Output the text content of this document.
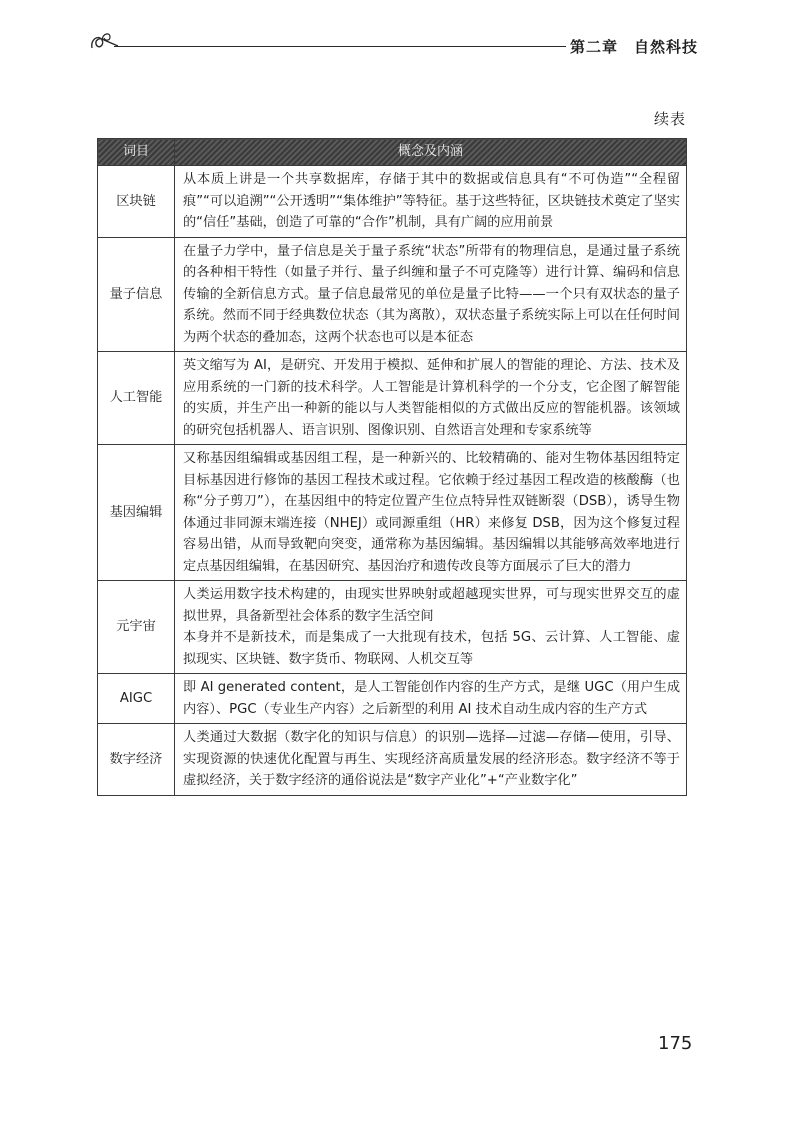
第二章　自然科技
续表
词目	概念及内涵
区块链	从本质上讲是一个共享数据库，存储于其中的数据或信息具有“不可伪造”“全程留痕”“可以追溯”“公开透明”“集体维护”等特征。基于这些特征，区块链技术奠定了坚实的“信任”基础，创造了可靠的“合作”机制，具有广阔的应用前景

量子信息	在量子力学中，量子信息是关于量子系统“状态”所带有的物理信息，是通过量子系统的各种相干特性（如量子并行、量子纠缠和量子不可克隆等）进行计算、编码和信息传输的全新信息方式。量子信息最常见的单位是量子比特——一个只有双状态的量子系统。然而不同于经典数位状态（其为离散），双状态量子系统实际上可以在任何时间为两个状态的叠加态，这两个状态也可以是本征态

人工智能	英文缩写为 AI，是研究、开发用于模拟、延伸和扩展人的智能的理论、方法、技术及应用系统的一门新的技术科学。人工智能是计算机科学的一个分支，它企图了解智能的实质，并生产出一种新的能以与人类智能相似的方式做出反应的智能机器。该领域的研究包括机器人、语言识别、图像识别、自然语言处理和专家系统等

基因编辑	又称基因组编辑或基因组工程，是一种新兴的、比较精确的、能对生物体基因组特定目标基因进行修饰的基因工程技术或过程。它依赖于经过基因工程改造的核酸酶（也称“分子剪刀”），在基因组中的特定位置产生位点特异性双链断裂（DSB），诱导生物体通过非同源末端连接（NHEJ）或同源重组（HR）来修复 DSB，因为这个修复过程容易出错，从而导致靶向突变，通常称为基因编辑。基因编辑以其能够高效率地进行定点基因组编辑，在基因研究、基因治疗和遗传改良等方面展示了巨大的潜力

元宇宙	人类运用数字技术构建的，由现实世界映射或超越现实世界，可与现实世界交互的虚拟世界，具备新型社会体系的数字生活空间

本身并不是新技术，而是集成了一大批现有技术，包括 5G、云计算、人工智能、虚拟现实、区块链、数字货币、物联网、人机交互等

AIGC	即 AI generated content，是人工智能创作内容的生产方式，是继 UGC（用户生成内容）、PGC（专业生产内容）之后新型的利用 AI 技术自动生成内容的生产方式

数字经济	人类通过大数据（数字化的知识与信息）的识别—选择—过滤—存储—使用，引导、实现资源的快速优化配置与再生、实现经济高质量发展的经济形态。数字经济不等于虚拟经济，关于数字经济的通俗说法是“数字产业化”+“产业数字化”

175
